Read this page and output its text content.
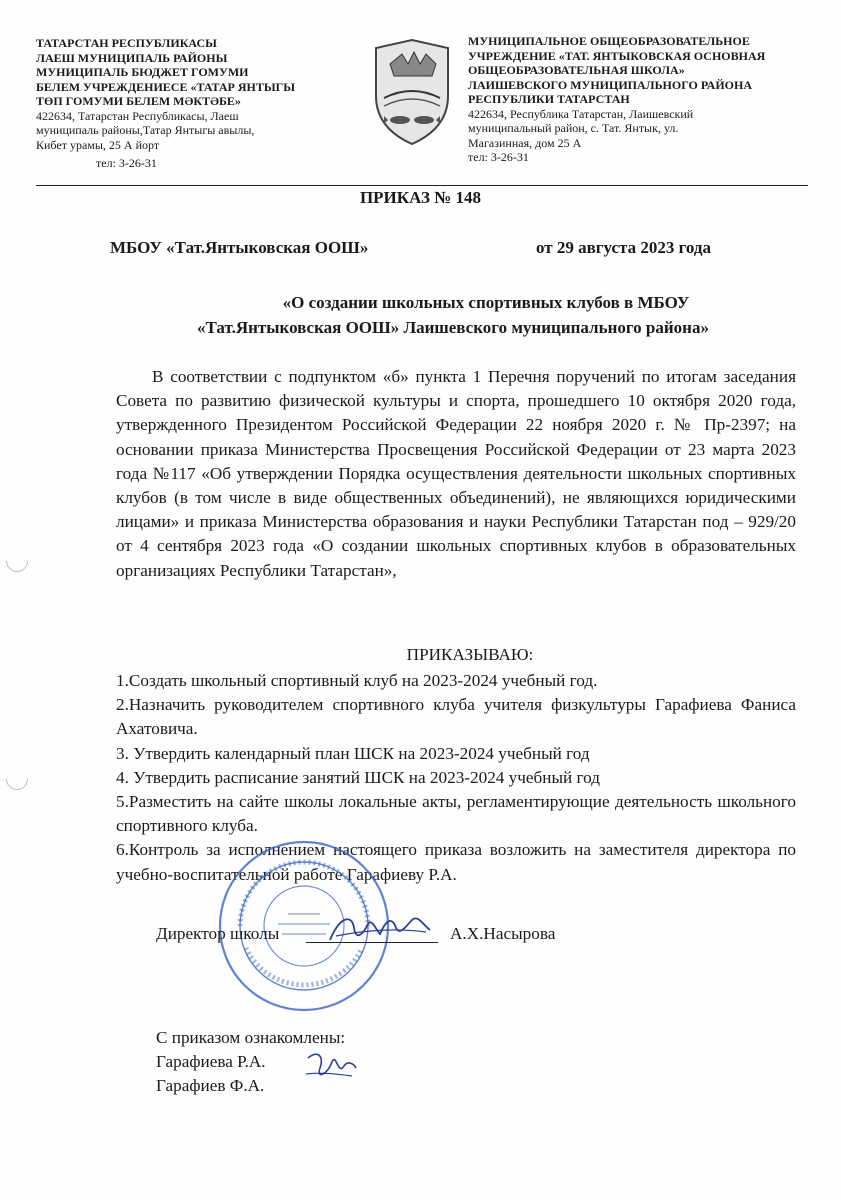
ТАТАРСТАН РЕСПУБЛИКАСЫ
ЛАЕШ МУНИЦИПАЛЬ РАЙОНЫ
МУНИЦИПАЛЬ БЮДЖЕТ ГОМУМИ
БЕЛЕМ УЧРЕЖДЕНИЕСЕ «ТАТАР ЯНТЫГЫ
ТӨП ГОМУМИ БЕЛЕМ МӘКТӘБЕ»
422634, Татарстан Республикасы, Лаеш
муниципаль районы,Татар Янтыгы авылы,
Кибет урамы, 25 А йорт
тел: 3-26-31
МУНИЦИПАЛЬНОЕ ОБЩЕОБРАЗОВАТЕЛЬНОЕ
УЧРЕЖДЕНИЕ «ТАТ. ЯНТЫКОВСКАЯ ОСНОВНАЯ
ОБЩЕОБРАЗОВАТЕЛЬНАЯ ШКОЛА»
ЛАИШЕВСКОГО МУНИЦИПАЛЬНОГО РАЙОНА
РЕСПУБЛИКИ ТАТАРСТАН
422634, Республика Татарстан, Лаишевский
муниципальный район, с. Тат. Янтык, ул.
Магазинная, дом 25 А
тел: 3-26-31
ПРИКАЗ № 148
МБОУ «Тат.Янтыковская ООШ»	от 29 августа 2023 года
«О создании школьных спортивных клубов в МБОУ
«Тат.Янтыковская ООШ» Лаишевского муниципального района»

В соответствии с подпунктом «б» пункта 1 Перечня поручений по итогам заседания Совета по развитию физической культуры и спорта, прошедшего 10 октября 2020 года, утвержденного Президентом Российской Федерации 22 ноября 2020 г. № Пр-2397; на основании приказа Министерства Просвещения Российской Федерации от 23 марта 2023 года №117 «Об утверждении Порядка осуществления деятельности школьных спортивных клубов (в том числе в виде общественных объединений), не являющихся юридическими лицами» и приказа Министерства образования и науки Республики Татарстан под – 929/20 от 4 сентября 2023 года «О создании школьных спортивных клубов в образовательных организациях Республики Татарстан»,

ПРИКАЗЫВАЮ:

1.Создать школьный спортивный клуб на 2023-2024 учебный год.

2.Назначить руководителем спортивного клуба учителя физкультуры Гарафиева Фаниса Ахатовича.

3. Утвердить календарный план ШСК на 2023-2024 учебный год

4. Утвердить расписание занятий ШСК на 2023-2024 учебный год

5.Разместить на сайте школы локальные акты, регламентирующие деятельность школьного спортивного клуба.

6.Контроль за исполнением настоящего приказа возложить на заместителя директора по учебно-воспитательной работе Гарафиеву Р.А.

Директор школы	А.Х.Насырова
С приказом ознакомлены:
Гарафиева Р.А.
Гарафиев Ф.А.
